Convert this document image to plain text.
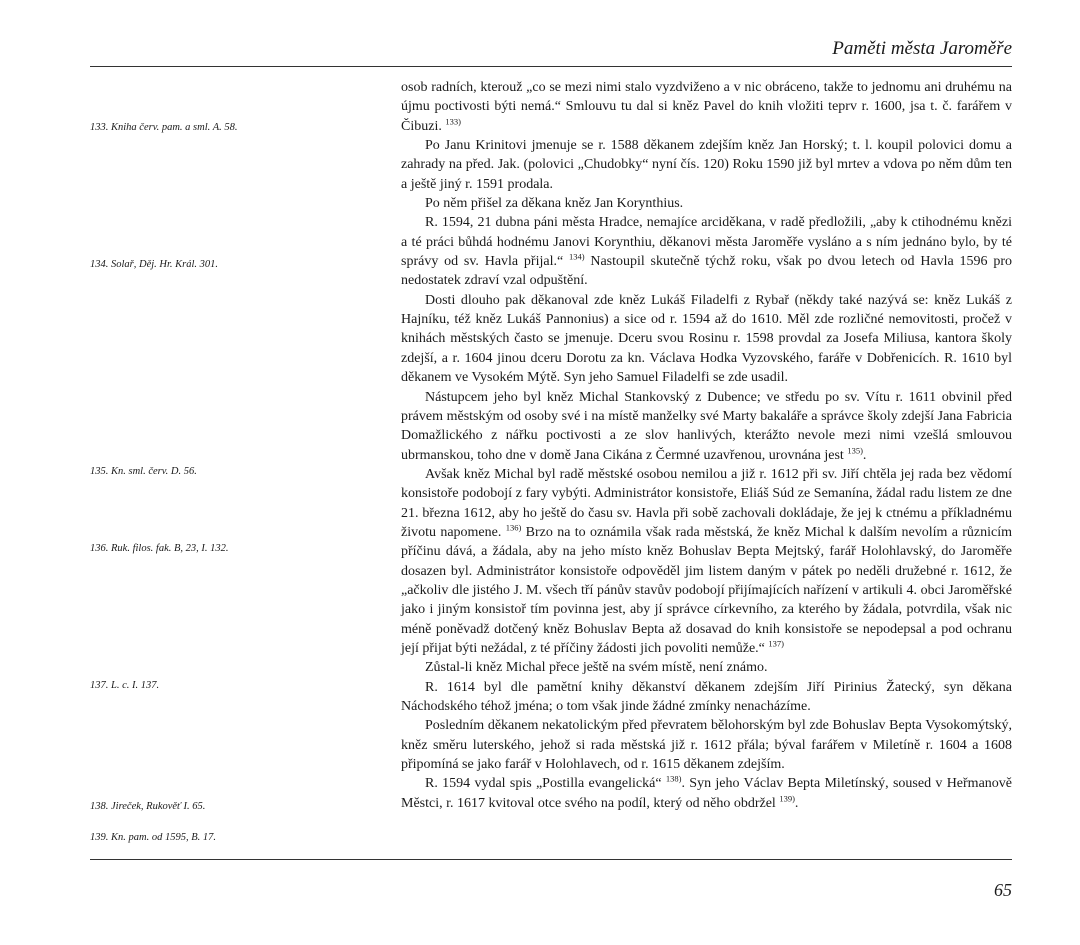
Paměti města Jaroměře
133. Kniha červ. pam. a sml. A. 58.
134. Solař, Děj. Hr. Král. 301.
135. Kn. sml. červ. D. 56.
136. Ruk. filos. fak. B, 23, I. 132.
137. L. c. I. 137.
138. Jireček, Rukověť I. 65.
139. Kn. pam. od 1595, B. 17.

osob radních, kterouž „co se mezi nimi stalo vyzdviženo a v nic obráceno, takže to jednomu ani druhému na újmu poctivosti býti nemá.“ Smlouvu tu dal si kněz Pavel do knih vložiti teprv r. 1600, jsa t. č. farářem v Čibuzi. $^{133)}$

Po Janu Krinitovi jmenuje se r. 1588 děkanem zdejším kněz Jan Horský; t. l. koupil polovici domu a zahrady na před. Jak. (polovici „Chudobky“ nyní čís. 120) Roku 1590 již byl mrtev a vdova po něm dům ten a ještě jiný r. 1591 prodala.

Po něm přišel za děkana kněz Jan Korynthius.

R. 1594, 21 dubna páni města Hradce, nemajíce arciděkana, v radě předložili, „aby k ctihodnému knězi a té práci bůhdá hodnému Janovi Korynthiu, děkanovi města Jaroměře vysláno a s ním jednáno bylo, by té správy od sv. Havla přijal.“ $^{134)}$ Nastoupil skutečně týchž roku, však po dvou letech od Havla 1596 pro nedostatek zdraví vzal odpuštění.

Dosti dlouho pak děkanoval zde kněz Lukáš Filadelfi z Rybař (někdy také nazývá se: kněz Lukáš z Hajníku, též kněz Lukáš Pannonius) a sice od r. 1594 až do 1610. Měl zde rozličné nemovitosti, pročež v knihách městských často se jmenuje. Dceru svou Rosinu r. 1598 provdal za Josefa Miliusa, kantora školy zdejší, a r. 1604 jinou dceru Dorotu za kn. Václava Hodka Vyzovského, faráře v Dobřenicích. R. 1610 byl děkanem ve Vysokém Mýtě. Syn jeho Samuel Filadelfi se zde usadil.

Nástupcem jeho byl kněz Michal Stankovský z Dubence; ve středu po sv. Vítu r. 1611 obvinil před právem městským od osoby své i na místě manželky své Marty bakaláře a správce školy zdejší Jana Fabricia Domažlického z nářku poctivosti a ze slov hanlivých, kterážto nevole mezi nimi vzešlá smlouvou ubrmanskou, toho dne v domě Jana Cikána z Čermné uzavřenou, urovnána jest $^{135)}$.

Avšak kněz Michal byl radě městské osobou nemilou a již r. 1612 při sv. Jiří chtěla jej rada bez vědomí konsistoře podobojí z fary vybýti. Administrátor konsistoře, Eliáš Súd ze Semanína, žádal radu listem ze dne 21. března 1612, aby ho ještě do času sv. Havla při sobě zachovali dokládaje, že jej k ctnému a příkladnému životu napomene. $^{136)}$ Brzo na to oznámila však rada městská, že kněz Michal k dalším nevolím a různicím příčinu dává, a žádala, aby na jeho místo kněz Bohuslav Bepta Mejtský, farář Holohlavský, do Jaroměře dosazen byl. Administrátor konsistoře odpověděl jim listem daným v pátek po neděli družebné r. 1612, že „ačkoliv dle jistého J. M. všech tří pánův stavův podobojí přijímajících nařízení v artikuli 4. obci Jaroměřské jako i jiným konsistoř tím povinna jest, aby jí správce církevního, za kterého by žádala, potvrdila, však nic méně poněvadž dotčený kněz Bohuslav Bepta až dosavad do knih konsistoře se nepodepsal a pod ochranu její přijat býti nežádal, z té příčiny žádosti jich povoliti nemůže.“ $^{137)}$

Zůstal-li kněz Michal přece ještě na svém místě, není známo.

R. 1614 byl dle pamětní knihy děkanství děkanem zdejším Jiří Pirinius Žatecký, syn děkana Náchodského téhož jména; o tom však jinde žádné zmínky nenacházíme.

Posledním děkanem nekatolickým před převratem bělohorským byl zde Bohuslav Bepta Vysokomýtský, kněz směru luterského, jehož si rada městská již r. 1612 přála; býval farářem v Miletíně r. 1604 a 1608 připomíná se jako farář v Holohlavech, od r. 1615 děkanem zdejším.

R. 1594 vydal spis „Postilla evangelická“ $^{138)}$. Syn jeho Václav Bepta Miletínský, soused v Heřmanově Městci, r. 1617 kvitoval otce svého na podíl, který od něho obdržel $^{139)}$.

65
